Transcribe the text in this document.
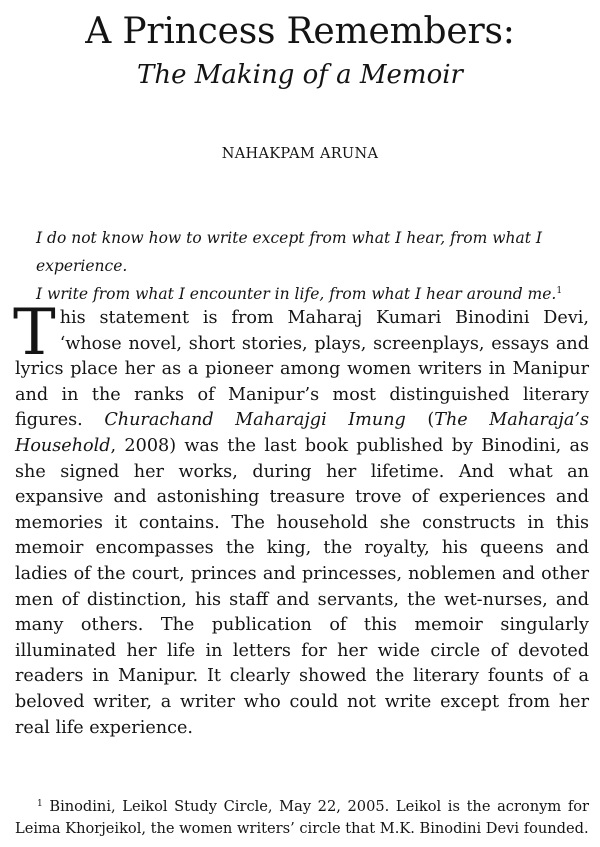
A Princess Remembers:
The Making of a Memoir
NAHAKPAM ARUNA
I do not know how to write except from what I hear, from what I experience.
I write from what I encounter in life, from what I hear around me.$^1$

This statement is from Maharaj Kumari Binodini Devi, ‘whose novel, short stories, plays, screenplays, essays and lyrics place her as a pioneer among women writers in Manipur and in the ranks of Manipur’s most distinguished literary figures. Churachand Maharajgi Imung (The Maharaja’s Household, 2008) was the last book published by Binodini, as she signed her works, during her lifetime. And what an expansive and astonishing treasure trove of experiences and memories it contains. The household she constructs in this memoir encompasses the king, the royalty, his queens and ladies of the court, princes and princesses, noblemen and other men of distinction, his staff and servants, the wet-nurses, and many others. The publication of this memoir singularly illuminated her life in letters for her wide circle of devoted readers in Manipur. It clearly showed the literary founts of a beloved writer, a writer who could not write except from her real life experience.

$^1$ Binodini, Leikol Study Circle, May 22, 2005. Leikol is the acronym for Leima Khorjeikol, the women writers’ circle that M.K. Binodini Devi founded.
